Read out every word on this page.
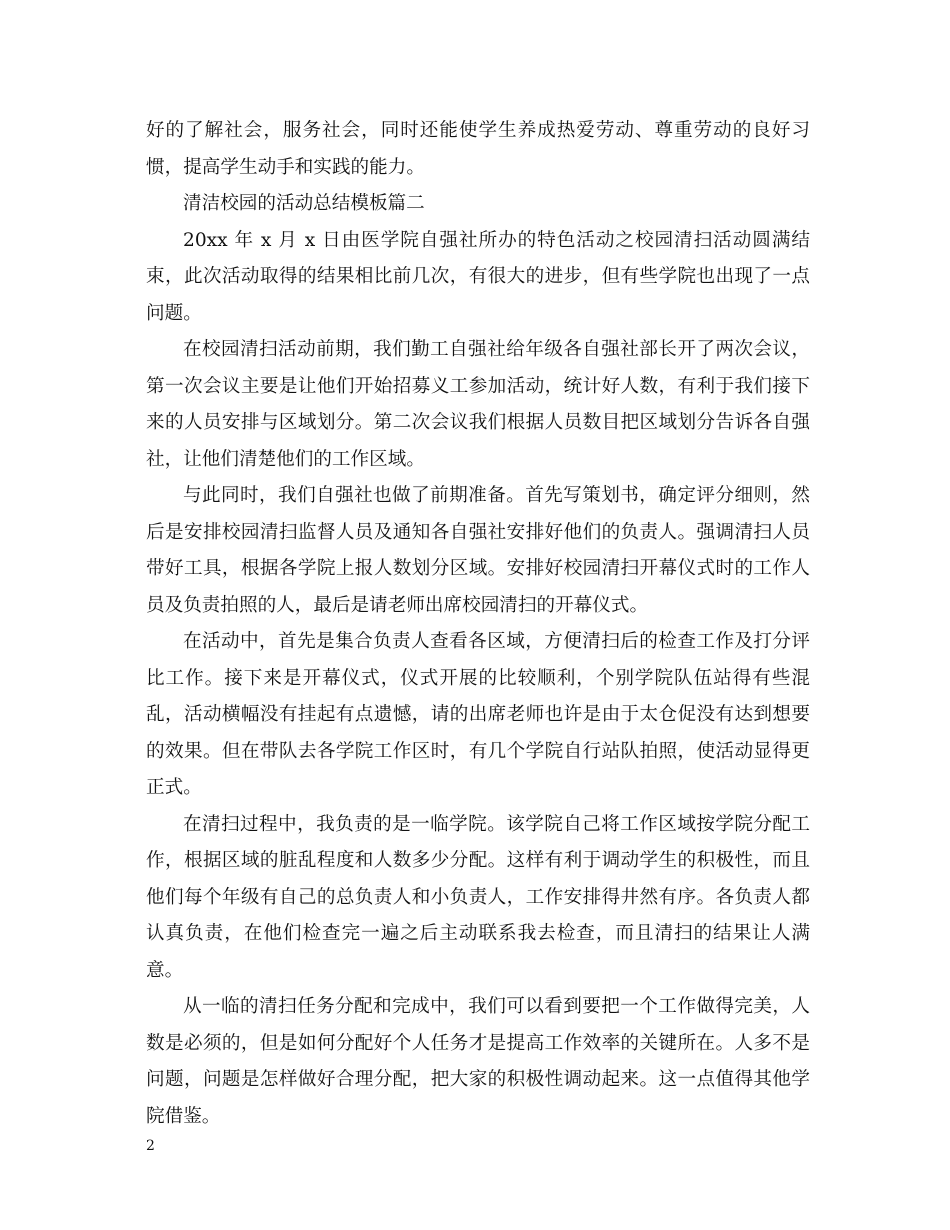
好的了解社会，服务社会，同时还能使学生养成热爱劳动、尊重劳动的良好习惯，提高学生动手和实践的能力。

清洁校园的活动总结模板篇二

20xx 年 x 月 x 日由医学院自强社所办的特色活动之校园清扫活动圆满结束，此次活动取得的结果相比前几次，有很大的进步，但有些学院也出现了一点问题。

在校园清扫活动前期，我们勤工自强社给年级各自强社部长开了两次会议，第一次会议主要是让他们开始招募义工参加活动，统计好人数，有利于我们接下来的人员安排与区域划分。第二次会议我们根据人员数目把区域划分告诉各自强社，让他们清楚他们的工作区域。

与此同时，我们自强社也做了前期准备。首先写策划书，确定评分细则，然后是安排校园清扫监督人员及通知各自强社安排好他们的负责人。强调清扫人员带好工具，根据各学院上报人数划分区域。安排好校园清扫开幕仪式时的工作人员及负责拍照的人，最后是请老师出席校园清扫的开幕仪式。

在活动中，首先是集合负责人查看各区域，方便清扫后的检查工作及打分评比工作。接下来是开幕仪式，仪式开展的比较顺利，个别学院队伍站得有些混乱，活动横幅没有挂起有点遗憾，请的出席老师也许是由于太仓促没有达到想要的效果。但在带队去各学院工作区时，有几个学院自行站队拍照，使活动显得更正式。

在清扫过程中，我负责的是一临学院。该学院自己将工作区域按学院分配工作，根据区域的脏乱程度和人数多少分配。这样有利于调动学生的积极性，而且他们每个年级有自己的总负责人和小负责人，工作安排得井然有序。各负责人都认真负责，在他们检查完一遍之后主动联系我去检查，而且清扫的结果让人满意。

从一临的清扫任务分配和完成中，我们可以看到要把一个工作做得完美，人数是必须的，但是如何分配好个人任务才是提高工作效率的关键所在。人多不是问题，问题是怎样做好合理分配，把大家的积极性调动起来。这一点值得其他学院借鉴。

2
